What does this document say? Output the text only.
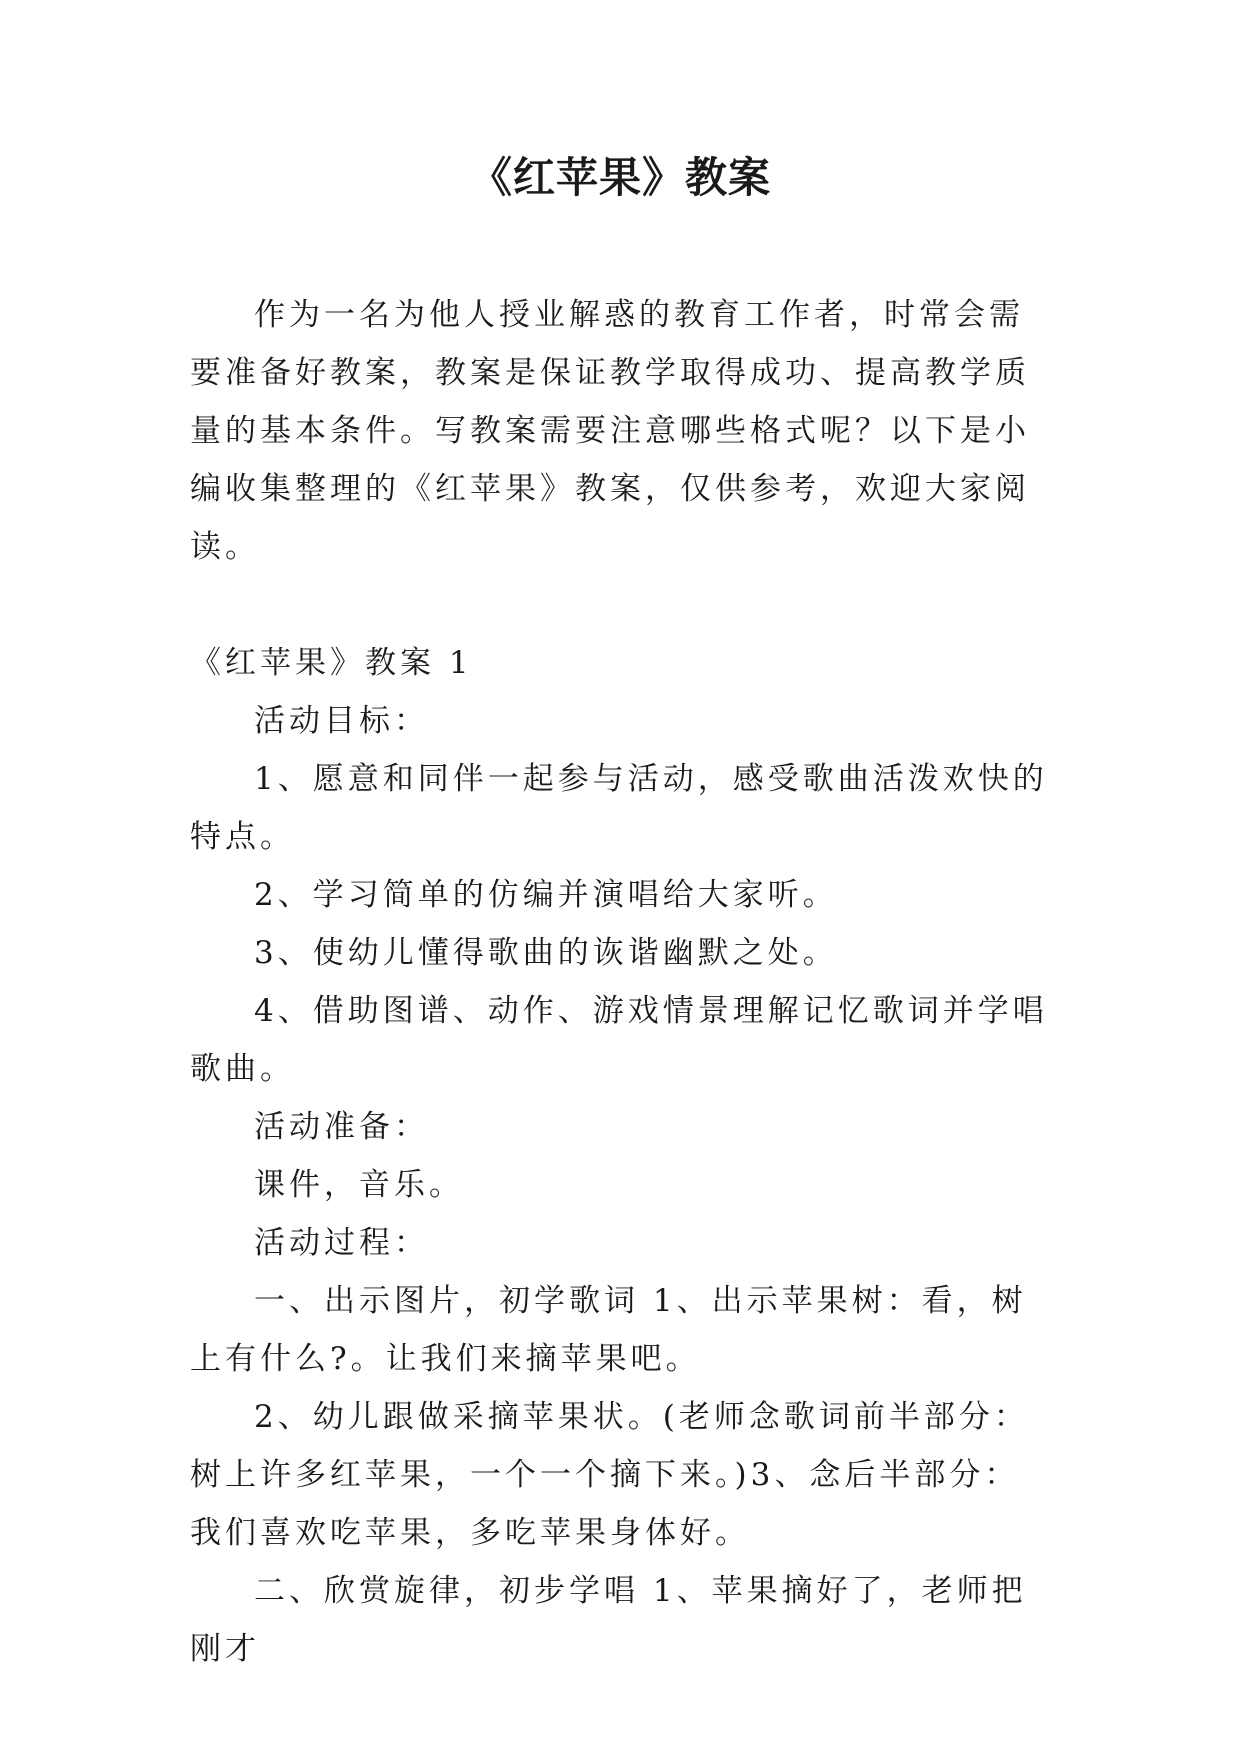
《红苹果》教案

作为一名为他人授业解惑的教育工作者，时常会需要准备好教案，教案是保证教学取得成功、提高教学质量的基本条件。写教案需要注意哪些格式呢？以下是小编收集整理的《红苹果》教案，仅供参考，欢迎大家阅读。

《红苹果》教案 1

活动目标：

1、愿意和同伴一起参与活动，感受歌曲活泼欢快的特点。

2、学习简单的仿编并演唱给大家听。

3、使幼儿懂得歌曲的诙谐幽默之处。

4、借助图谱、动作、游戏情景理解记忆歌词并学唱歌曲。

活动准备：

课件，音乐。

活动过程：

一、出示图片，初学歌词 1、出示苹果树：看，树上有什么?。让我们来摘苹果吧。

2、幼儿跟做采摘苹果状。(老师念歌词前半部分：树上许多红苹果，一个一个摘下来。)3、念后半部分：我们喜欢吃苹果，多吃苹果身体好。

二、欣赏旋律，初步学唱 1、苹果摘好了，老师把刚才
